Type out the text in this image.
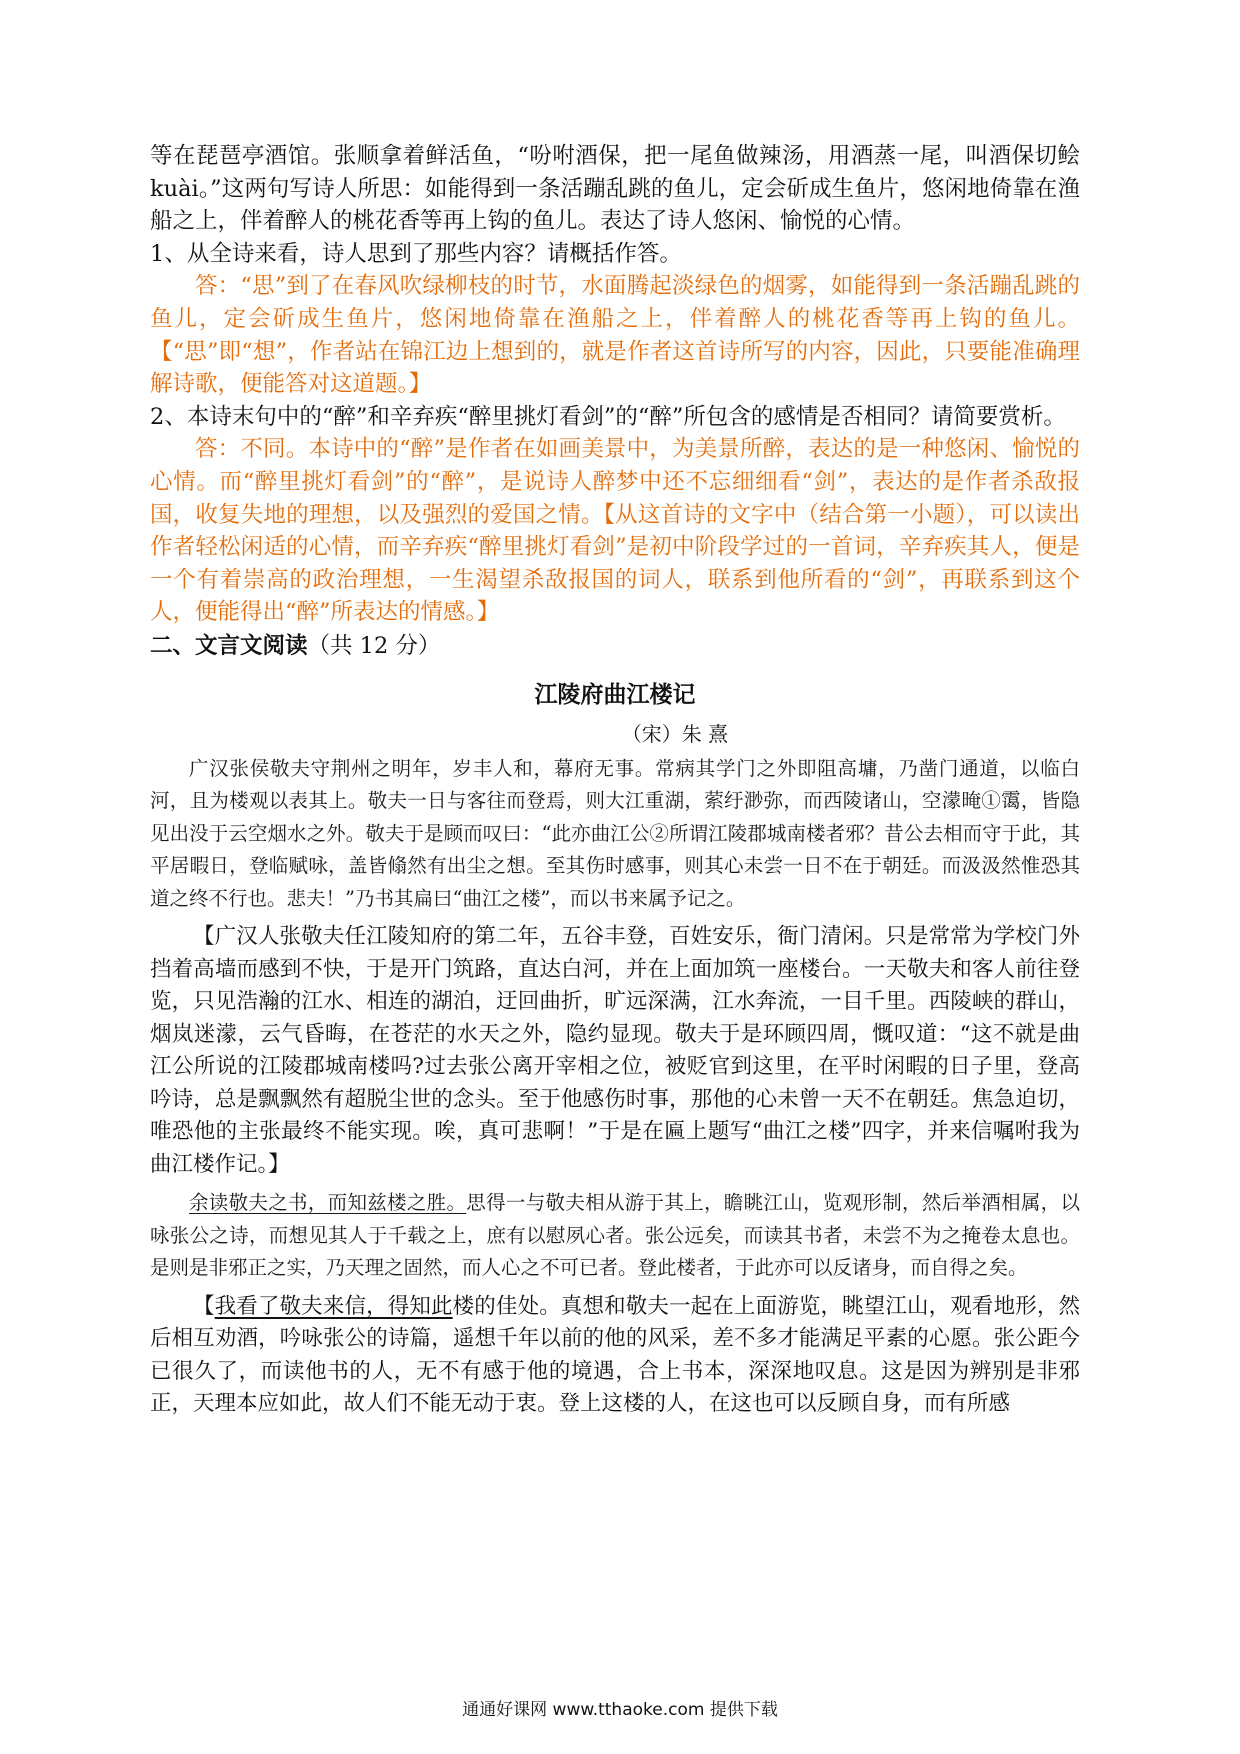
等在琵琶亭酒馆。张顺拿着鲜活鱼，“吩咐酒保，把一尾鱼做辣汤，用酒蒸一尾，叫酒保切鲙 kuài。”这两句写诗人所思：如能得到一条活蹦乱跳的鱼儿，定会斫成生鱼片，悠闲地倚靠在渔船之上，伴着醉人的桃花香等再上钩的鱼儿。表达了诗人悠闲、愉悦的心情。

1、从全诗来看，诗人思到了那些内容？请概括作答。

答：“思”到了在春风吹绿柳枝的时节，水面腾起淡绿色的烟雾，如能得到一条活蹦乱跳的鱼儿，定会斫成生鱼片，悠闲地倚靠在渔船之上，伴着醉人的桃花香等再上钩的鱼儿。【“思”即“想”，作者站在锦江边上想到的，就是作者这首诗所写的内容，因此，只要能准确理解诗歌，便能答对这道题。】

2、本诗末句中的“醉”和辛弃疾“醉里挑灯看剑”的“醉”所包含的感情是否相同？请简要赏析。

答：不同。本诗中的“醉”是作者在如画美景中，为美景所醉，表达的是一种悠闲、愉悦的心情。而“醉里挑灯看剑”的“醉”，是说诗人醉梦中还不忘细细看“剑”，表达的是作者杀敌报国，收复失地的理想，以及强烈的爱国之情。【从这首诗的文字中（结合第一小题），可以读出作者轻松闲适的心情，而辛弃疾“醉里挑灯看剑”是初中阶段学过的一首词，辛弃疾其人，便是一个有着崇高的政治理想，一生渴望杀敌报国的词人，联系到他所看的“剑”，再联系到这个人，便能得出“醉”所表达的情感。】

二、文言文阅读（共 12 分）

江陵府曲江楼记

（宋）朱 熹

广汉张侯敬夫守荆州之明年，岁丰人和，幕府无事。常病其学门之外即阻高墉，乃凿门通道，以临白河，且为楼观以表其上。敬夫一日与客往而登焉，则大江重湖，萦纡渺弥，而西陵诸山，空濛晻①霭，皆隐见出没于云空烟水之外。敬夫于是顾而叹曰：“此亦曲江公②所谓江陵郡城南楼者邪？昔公去相而守于此，其平居暇日，登临赋咏，盖皆翛然有出尘之想。至其伤时感事，则其心未尝一日不在于朝廷。而汲汲然惟恐其道之终不行也。悲夫！”乃书其扁曰“曲江之楼”，而以书来属予记之。

【广汉人张敬夫任江陵知府的第二年，五谷丰登，百姓安乐，衙门清闲。只是常常为学校门外挡着高墙而感到不快，于是开门筑路，直达白河，并在上面加筑一座楼台。一天敬夫和客人前往登览，只见浩瀚的江水、相连的湖泊，迂回曲折，旷远深满，江水奔流，一目千里。西陵峡的群山，烟岚迷濛，云气昏晦，在苍茫的水天之外，隐约显现。敬夫于是环顾四周，慨叹道：“这不就是曲江公所说的江陵郡城南楼吗?过去张公离开宰相之位，被贬官到这里，在平时闲暇的日子里，登高吟诗，总是飘飘然有超脱尘世的念头。至于他感伤时事，那他的心未曾一天不在朝廷。焦急迫切，唯恐他的主张最终不能实现。唉，真可悲啊！”于是在匾上题写“曲江之楼”四字，并来信嘱咐我为曲江楼作记。】

余读敬夫之书，而知兹楼之胜。思得一与敬夫相从游于其上，瞻眺江山，览观形制，然后举酒相属，以咏张公之诗，而想见其人于千载之上，庶有以慰夙心者。张公远矣，而读其书者，未尝不为之掩卷太息也。是则是非邪正之实，乃天理之固然，而人心之不可已者。登此楼者，于此亦可以反诸身，而自得之矣。

【我看了敬夫来信，得知此楼的佳处。真想和敬夫一起在上面游览，眺望江山，观看地形，然后相互劝酒，吟咏张公的诗篇，遥想千年以前的他的风采，差不多才能满足平素的心愿。张公距今已很久了，而读他书的人，无不有感于他的境遇，合上书本，深深地叹息。这是因为辨别是非邪正，天理本应如此，故人们不能无动于衷。登上这楼的人，在这也可以反顾自身，而有所感

通通好课网 www.tthaoke.com 提供下载
